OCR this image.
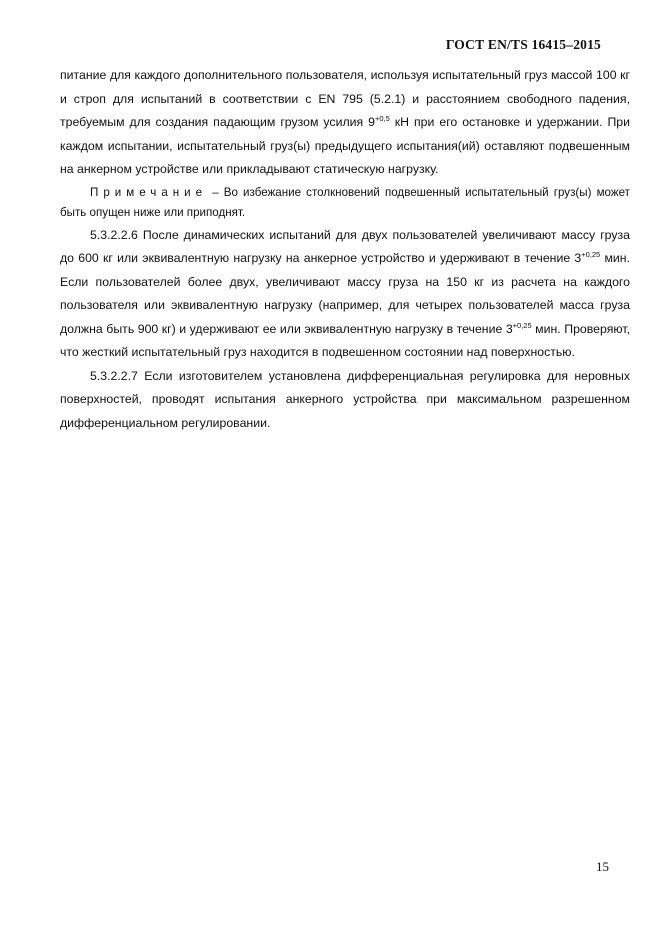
ГОСТ EN/TS 16415–2015

питание для каждого дополнительного пользователя, используя испытательный груз массой 100 кг и строп для испытаний в соответствии с EN 795 (5.2.1) и расстоянием свободного падения, требуемым для создания падающим грузом усилия $9^{+0,5}$ кН при его остановке и удержании. При каждом испытании, испытательный груз(ы) предыдущего испытания(ий) оставляют подвешенным на анкерном устройстве или прикладывают статическую нагрузку.

Примечание – Во избежание столкновений подвешенный испытательный груз(ы) может быть опущен ниже или приподнят.

5.3.2.2.6 После динамических испытаний для двух пользователей увеличивают массу груза до 600 кг или эквивалентную нагрузку на анкерное устройство и удерживают в течение $3^{+0,25}$ мин. Если пользователей более двух, увеличивают массу груза на 150 кг из расчета на каждого пользователя или эквивалентную нагрузку (например, для четырех пользователей масса груза должна быть 900 кг) и удерживают ее или эквивалентную нагрузку в течение $3^{+0,25}$ мин. Проверяют, что жесткий испытательный груз находится в подвешенном состоянии над поверхностью.

5.3.2.2.7 Если изготовителем установлена дифференциальная регулировка для неровных поверхностей, проводят испытания анкерного устройства при максимальном разрешенном дифференциальном регулировании.

15
